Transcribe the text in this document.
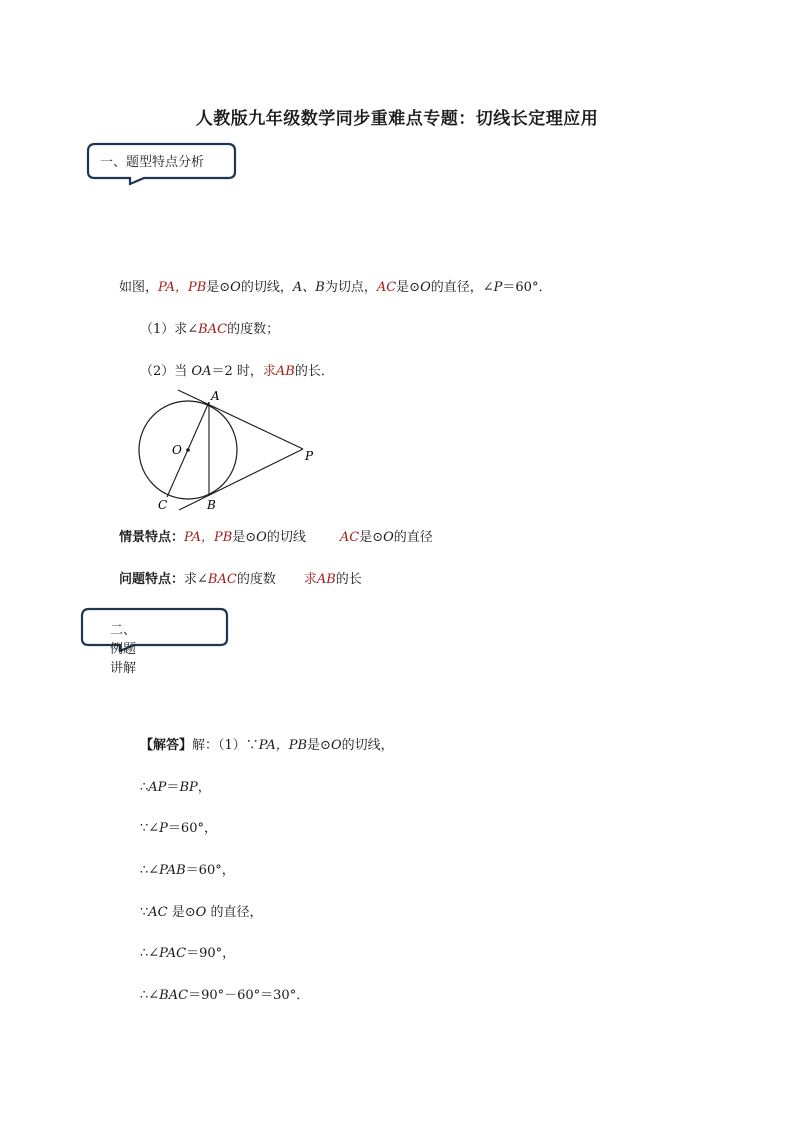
人教版九年级数学同步重难点专题：切线长定理应用
一、题型特点分析
如图，PA，PB是⊙O的切线，A、B为切点，AC是⊙O的直径，∠P＝60°．
（1）求∠BAC的度数；
（2）当 OA＝2 时，求AB的长．
A
O	P
C	B
情景特点：PA，PB是⊙O的切线	AC是⊙O的直径
问题特点：求∠BAC的度数 求AB的长
二、例题讲解
【解答】解：（1）∵PA，PB是⊙O的切线，
∴AP＝BP，
∵∠P＝60°，
∴∠PAB＝60°，
∵AC 是⊙O 的直径，
∴∠PAC＝90°，
∴∠BAC＝90°－60°＝30°．
